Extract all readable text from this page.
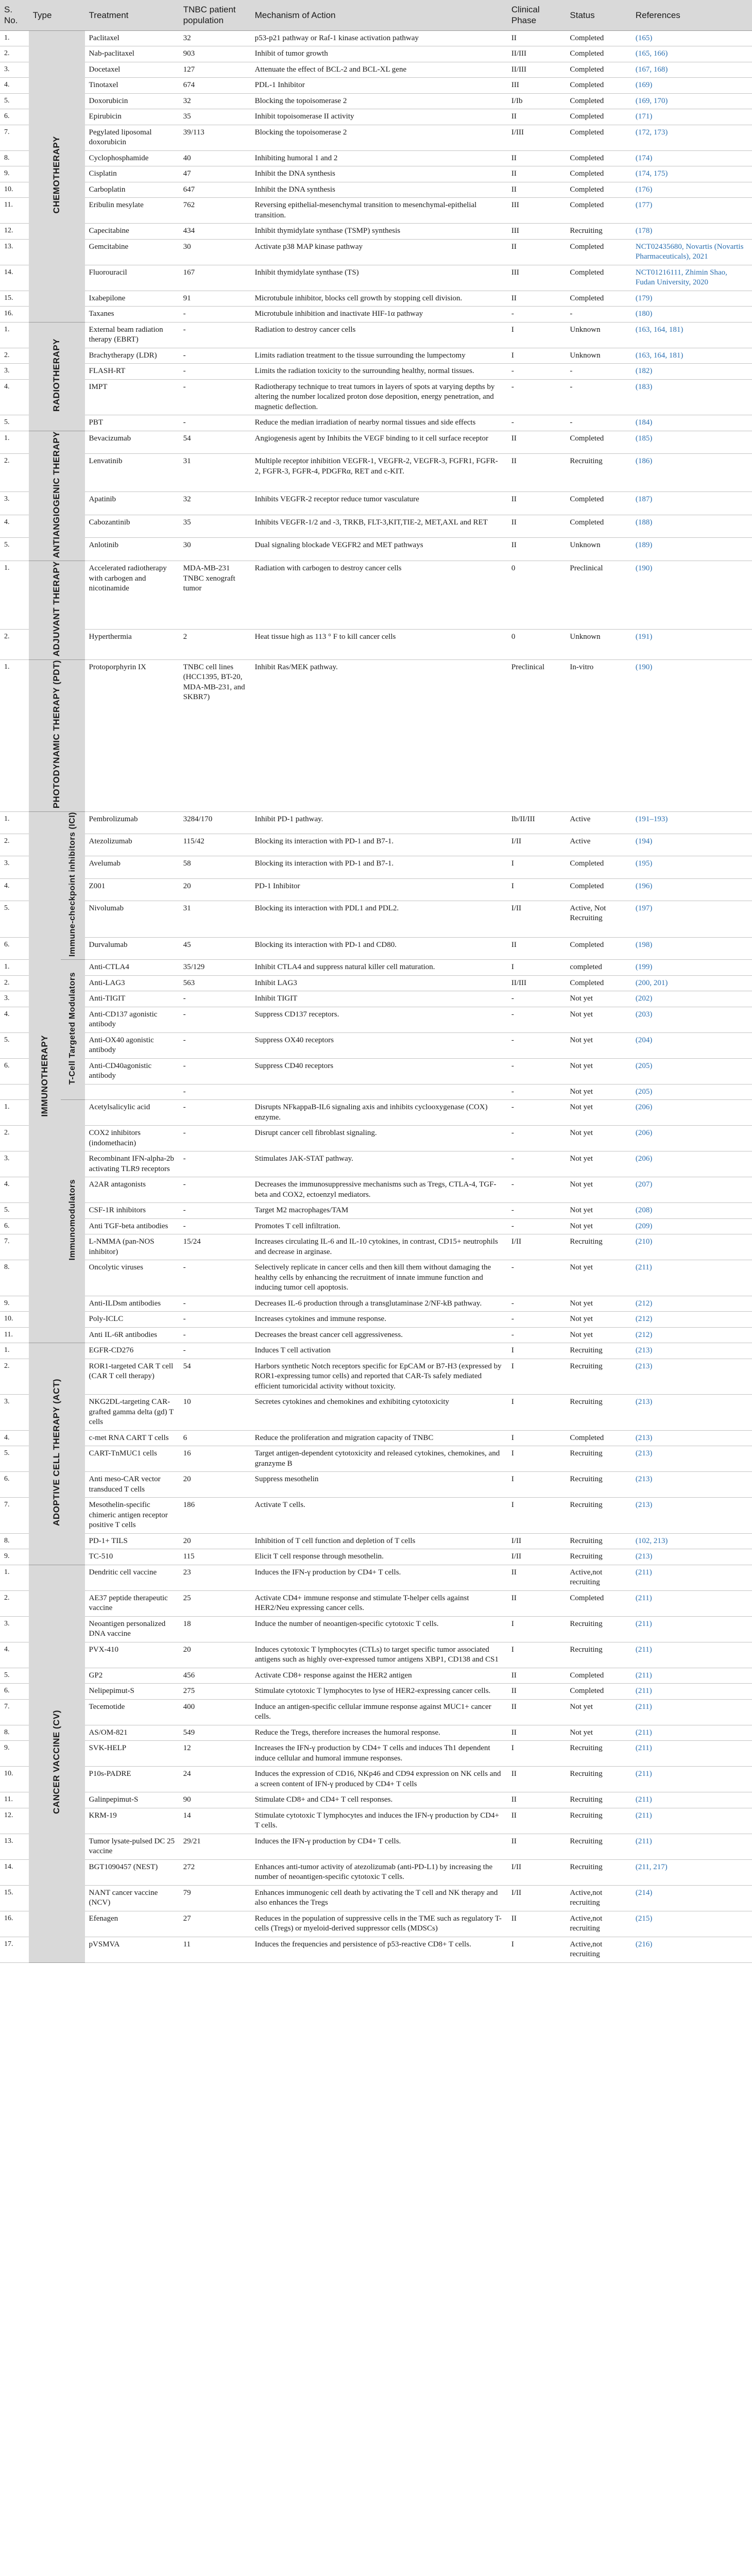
S. No.	Type		Treatment	TNBC patient population	Mechanism of Action	Clinical Phase	Status	References
1.	CHEMOTHERAPY		Paclitaxel	32	p53-p21 pathway or Raf-1 kinase activation pathway	II	Completed	(165)
2.			Nab-paclitaxel	903	Inhibit of tumor growth	II/III	Completed	(165, 166)
3.			Docetaxel	127	Attenuate the effect of BCL-2 and BCL-XL gene	II/III	Completed	(167, 168)
4.			Tinotaxel	674	PDL-1 Inhibitor	III	Completed	(169)
5.			Doxorubicin	32	Blocking the topoisomerase 2	I/Ib	Completed	(169, 170)
6.			Epirubicin	35	Inhibit topoisomerase II activity	II	Completed	(171)
7.			Pegylated liposomal doxorubicin	39/113	Blocking the topoisomerase 2	I/III	Completed	(172, 173)
8.			Cyclophosphamide	40	Inhibiting humoral 1 and 2	II	Completed	(174)
9.			Cisplatin	47	Inhibit the DNA synthesis	II	Completed	(174, 175)
10.			Carboplatin	647	Inhibit the DNA synthesis	II	Completed	(176)
11.			Eribulin mesylate	762	Reversing epithelial-mesenchymal transition to mesenchymal-epithelial transition.	III	Completed	(177)
12.			Capecitabine	434	Inhibit thymidylate synthase (TSMP) synthesis	III	Recruiting	(178)
13.			Gemcitabine	30	Activate p38 MAP kinase pathway	II	Completed	NCT02435680, Novartis (Novartis Pharmaceuticals), 2021
14.			Fluorouracil	167	Inhibit thymidylate synthase (TS)	III	Completed	NCT01216111, Zhimin Shao, Fudan University, 2020
15.			Ixabepilone	91	Microtubule inhibitor, blocks cell growth by stopping cell division.	II	Completed	(179)
16.			Taxanes	-	Microtubule inhibition and inactivate HIF-1α pathway	-	-	(180)
1.	RADIOTHERAPY		External beam radiation therapy (EBRT)	-	Radiation to destroy cancer cells	I	Unknown	(163, 164, 181)
2.			Brachytherapy (LDR)	-	Limits radiation treatment to the tissue surrounding the lumpectomy	I	Unknown	(163, 164, 181)
3.			FLASH-RT	-	Limits the radiation toxicity to the surrounding healthy, normal tissues.	-	-	(182)
4.			IMPT	-	Radiotherapy technique to treat tumors in layers of spots at varying depths by altering the number localized proton dose deposition, energy penetration, and magnetic deflection.	-	-	(183)
5.			PBT	-	Reduce the median irradiation of nearby normal tissues and side effects	-	-	(184)
1.	ANTIANGIOGENIC THERAPY		Bevacizumab	54	Angiogenesis agent by Inhibits the VEGF binding to it cell surface receptor	II	Completed	(185)
2.			Lenvatinib	31	Multiple receptor inhibition VEGFR-1, VEGFR-2, VEGFR-3, FGFR1, FGFR-2, FGFR-3, FGFR-4, PDGFRα, RET and c-KIT.	II	Recruiting	(186)
3.			Apatinib	32	Inhibits VEGFR-2 receptor reduce tumor vasculature	II	Completed	(187)
4.			Cabozantinib	35	Inhibits VEGFR-1/2 and -3, TRKB, FLT-3,KIT,TIE-2, MET,AXL and RET	II	Completed	(188)
5.			Anlotinib	30	Dual signaling blockade VEGFR2 and MET pathways	II	Unknown	(189)
1.	ADJUVANT THERAPY		Accelerated radiotherapy with carbogen and nicotinamide	MDA-MB-231 TNBC xenograft tumor	Radiation with carbogen to destroy cancer cells	0	Preclinical	(190)
2.			Hyperthermia	2	Heat tissue high as 113 ° F to kill cancer cells	0	Unknown	(191)
1.	PHOTODYNAMIC THERAPY (PDT)		Protoporphyrin IX	TNBC cell lines (HCC1395, BT-20, MDA-MB-231, and SKBR7)	Inhibit Ras/MEK pathway.	Preclinical	In-vitro	(190)
1.	IMMUNOTHERAPY	Immune-checkpoint inhibitors (ICI)	Pembrolizumab	3284/170	Inhibit PD-1 pathway.	Ib/II/III	Active	(191–193)
2.			Atezolizumab	115/42	Blocking its interaction with PD-1 and B7-1.	I/II	Active	(194)
3.			Avelumab	58	Blocking its interaction with PD-1 and B7-1.	I	Completed	(195)
4.			Z001	20	PD-1 Inhibitor	I	Completed	(196)
5.			Nivolumab	31	Blocking its interaction with PDL1 and PDL2.	I/II	Active, Not Recruiting	(197)
6.			Durvalumab	45	Blocking its interaction with PD-1 and CD80.	II	Completed	(198)
1.		T-Cell Targeted Modulators	Anti-CTLA4	35/129	Inhibit CTLA4 and suppress natural killer cell maturation.	I	completed	(199)
2.			Anti-LAG3	563	Inhibit LAG3	II/III	Completed	(200, 201)
3.			Anti-TIGIT	-	Inhibit TIGIT	-	Not yet	(202)
4.			Anti-CD137 agonistic antibody	-	Suppress CD137 receptors.	-	Not yet	(203)
5.			Anti-OX40 agonistic antibody	-	Suppress OX40 receptors	-	Not yet	(204)
6.			Anti-CD40agonistic antibody	-	Suppress CD40 receptors	-	Not yet	(205)
				-		-	Not yet	(205)
1.		Immunomodulators	Acetylsalicylic acid	-	Disrupts NFkappaB-IL6 signaling axis and inhibits cyclooxygenase (COX) enzyme.	-	Not yet	(206)
2.			COX2 inhibitors (indomethacin)	-	Disrupt cancer cell fibroblast signaling.	-	Not yet	(206)
3.			Recombinant IFN-alpha-2b activating TLR9 receptors	-	Stimulates JAK-STAT pathway.	-	Not yet	(206)
4.			A2AR antagonists	-	Decreases the immunosuppressive mechanisms such as Tregs, CTLA-4, TGF-beta and COX2, ectoenzyl mediators.	-	Not yet	(207)
5.			CSF-1R inhibitors	-	Target M2 macrophages/TAM	-	Not yet	(208)
6.			Anti TGF-beta antibodies	-	Promotes T cell infiltration.	-	Not yet	(209)
7.			L-NMMA (pan-NOS inhibitor)	15/24	Increases circulating IL-6 and IL-10 cytokines, in contrast, CD15+ neutrophils and decrease in arginase.	I/II	Recruiting	(210)
8.			Oncolytic viruses	-	Selectively replicate in cancer cells and then kill them without damaging the healthy cells by enhancing the recruitment of innate immune function and inducing tumor cell apoptosis.	-	Not yet	(211)
9.			Anti-ILDsm antibodies	-	Decreases IL-6 production through a transglutaminase 2/NF-kB pathway.	-	Not yet	(212)
10.			Poly-ICLC	-	Increases cytokines and immune response.	-	Not yet	(212)
11.			Anti IL-6R antibodies	-	Decreases the breast cancer cell aggressiveness.	-	Not yet	(212)
1.	ADOPTIVE CELL THERAPY (ACT)		EGFR-CD276	-	Induces T cell activation	I	Recruiting	(213)
2.			ROR1-targeted CAR T cell (CAR T cell therapy)	54	Harbors synthetic Notch receptors specific for EpCAM or B7-H3 (expressed by ROR1-expressing tumor cells) and reported that CAR-Ts safely mediated efficient tumoricidal activity without toxicity.	I	Recruiting	(213)
3.			NKG2DL-targeting CAR-grafted gamma delta (gd) T cells	10	Secretes cytokines and chemokines and exhibiting cytotoxicity	I	Recruiting	(213)
4.			c-met RNA CART T cells	6	Reduce the proliferation and migration capacity of TNBC	I	Completed	(213)
5.			CART-TnMUC1 cells	16	Target antigen-dependent cytotoxicity and released cytokines, chemokines, and granzyme B	I	Recruiting	(213)
6.			Anti meso-CAR vector transduced T cells	20	Suppress mesothelin	I	Recruiting	(213)
7.			Mesothelin-specific chimeric antigen receptor positive T cells	186	Activate T cells.	I	Recruiting	(213)
8.			PD-1+ TILS	20	Inhibition of T cell function and depletion of T cells	I/II	Recruiting	(102, 213)
9.			TC-510	115	Elicit T cell response through mesothelin.	I/II	Recruiting	(213)
1.	CANCER VACCINE (CV)		Dendritic cell vaccine	23	Induces the IFN-γ production by CD4+ T cells.	II	Active,not recruiting	(211)
2.			AE37 peptide therapeutic vaccine	25	Activate CD4+ immune response and stimulate T-helper cells against HER2/Neu expressing cancer cells.	II	Completed	(211)
3.			Neoantigen personalized DNA vaccine	18	Induce the number of neoantigen-specific cytotoxic T cells.	I	Recruiting	(211)
4.			PVX-410	20	Induces cytotoxic T lymphocytes (CTLs) to target specific tumor associated antigens such as highly over-expressed tumor antigens XBP1, CD138 and CS1	I	Recruiting	(211)
5.			GP2	456	Activate CD8+ response against the HER2 antigen	II	Completed	(211)
6.			Nelipepimut-S	275	Stimulate cytotoxic T lymphocytes to lyse of HER2-expressing cancer cells.	II	Completed	(211)
7.			Tecemotide	400	Induce an antigen-specific cellular immune response against MUC1+ cancer cells.	II	Not yet	(211)
8.			AS/OM-821	549	Reduce the Tregs, therefore increases the humoral response.	II	Not yet	(211)
9.			SVK-HELP	12	Increases the IFN-γ production by CD4+ T cells and induces Th1 dependent induce cellular and humoral immune responses.	I	Recruiting	(211)
10.			P10s-PADRE	24	Induces the expression of CD16, NKp46 and CD94 expression on NK cells and a screen content of IFN-γ produced by CD4+ T cells	II	Recruiting	(211)
11.			Galinpepimut-S	90	Stimulate CD8+ and CD4+ T cell responses.	II	Recruiting	(211)
12.			KRM-19	14	Stimulate cytotoxic T lymphocytes and induces the IFN-γ production by CD4+ T cells.	II	Recruiting	(211)
13.			Tumor lysate-pulsed DC 25 vaccine	29/21	Induces the IFN-γ production by CD4+ T cells.	II	Recruiting	(211)
14.			BGT1090457 (NEST)	272	Enhances anti-tumor activity of atezolizumab (anti-PD-L1) by increasing the number of neoantigen-specific cytotoxic T cells.	I/II	Recruiting	(211, 217)
15.			NANT cancer vaccine (NCV)	79	Enhances immunogenic cell death by activating the T cell and NK therapy and also enhances the Tregs	I/II	Active,not recruiting	(214)
16.			Efenagen	27	Reduces in the population of suppressive cells in the TME such as regulatory T-cells (Tregs) or myeloid-derived suppressor cells (MDSCs)	II	Active,not recruiting	(215)
17.			pVSMVA	11	Induces the frequencies and persistence of p53-reactive CD8+ T cells.	I	Active,not recruiting	(216)
